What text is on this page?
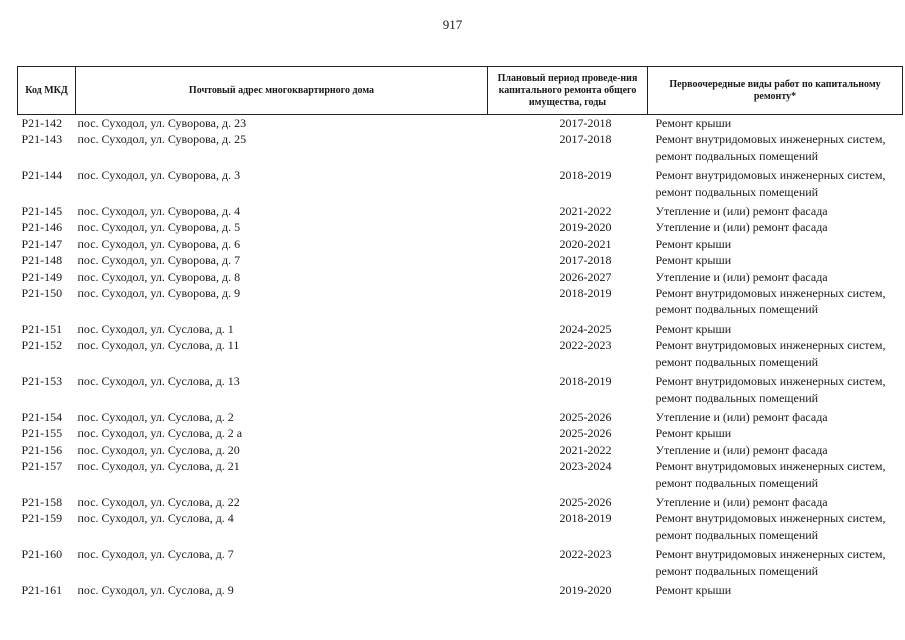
917
Код МКД	Почтовый адрес многоквартирного дома	Плановый период проведе-ния капитального ремонта общего имущества, годы	Первоочередные виды работ по капитальному ремонту*
Р21-142	пос. Суходол, ул. Суворова, д. 23	2017-2018	Ремонт крыши

Р21-143	пос. Суходол, ул. Суворова, д. 25	2017-2018	Ремонт внутридомовых инженерных систем,
ремонт подвальных помещений

Р21-144	пос. Суходол, ул. Суворова, д. 3	2018-2019	Ремонт внутридомовых инженерных систем,
ремонт подвальных помещений

Р21-145	пос. Суходол, ул. Суворова, д. 4	2021-2022	Утепление и (или) ремонт фасада

Р21-146	пос. Суходол, ул. Суворова, д. 5	2019-2020	Утепление и (или) ремонт фасада

Р21-147	пос. Суходол, ул. Суворова, д. 6	2020-2021	Ремонт крыши

Р21-148	пос. Суходол, ул. Суворова, д. 7	2017-2018	Ремонт крыши

Р21-149	пос. Суходол, ул. Суворова, д. 8	2026-2027	Утепление и (или) ремонт фасада

Р21-150	пос. Суходол, ул. Суворова, д. 9	2018-2019	Ремонт внутридомовых инженерных систем,
ремонт подвальных помещений

Р21-151	пос. Суходол, ул. Суслова, д. 1	2024-2025	Ремонт крыши

Р21-152	пос. Суходол, ул. Суслова, д. 11	2022-2023	Ремонт внутридомовых инженерных систем,
ремонт подвальных помещений

Р21-153	пос. Суходол, ул. Суслова, д. 13	2018-2019	Ремонт внутридомовых инженерных систем,
ремонт подвальных помещений

Р21-154	пос. Суходол, ул. Суслова, д. 2	2025-2026	Утепление и (или) ремонт фасада

Р21-155	пос. Суходол, ул. Суслова, д. 2 а	2025-2026	Ремонт крыши

Р21-156	пос. Суходол, ул. Суслова, д. 20	2021-2022	Утепление и (или) ремонт фасада

Р21-157	пос. Суходол, ул. Суслова, д. 21	2023-2024	Ремонт внутридомовых инженерных систем,
ремонт подвальных помещений

Р21-158	пос. Суходол, ул. Суслова, д. 22	2025-2026	Утепление и (или) ремонт фасада

Р21-159	пос. Суходол, ул. Суслова, д. 4	2018-2019	Ремонт внутридомовых инженерных систем,
ремонт подвальных помещений

Р21-160	пос. Суходол, ул. Суслова, д. 7	2022-2023	Ремонт внутридомовых инженерных систем,
ремонт подвальных помещений

Р21-161	пос. Суходол, ул. Суслова, д. 9	2019-2020	Ремонт крыши
